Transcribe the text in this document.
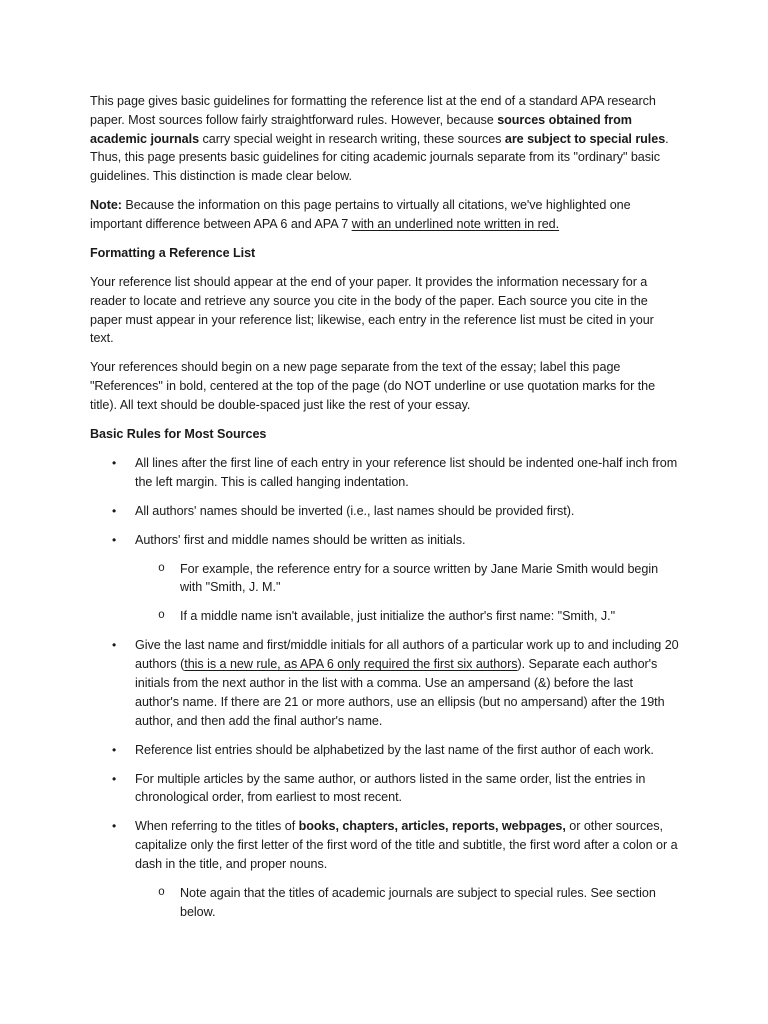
This page gives basic guidelines for formatting the reference list at the end of a standard APA research paper. Most sources follow fairly straightforward rules. However, because sources obtained from academic journals carry special weight in research writing, these sources are subject to special rules. Thus, this page presents basic guidelines for citing academic journals separate from its "ordinary" basic guidelines. This distinction is made clear below.

Note: Because the information on this page pertains to virtually all citations, we've highlighted one important difference between APA 6 and APA 7 with an underlined note written in red.

Formatting a Reference List

Your reference list should appear at the end of your paper. It provides the information necessary for a reader to locate and retrieve any source you cite in the body of the paper. Each source you cite in the paper must appear in your reference list; likewise, each entry in the reference list must be cited in your text.

Your references should begin on a new page separate from the text of the essay; label this page "References" in bold, centered at the top of the page (do NOT underline or use quotation marks for the title). All text should be double-spaced just like the rest of your essay.

Basic Rules for Most Sources

• All lines after the first line of each entry in your reference list should be indented one-half inch from the left margin. This is called hanging indentation.
• All authors' names should be inverted (i.e., last names should be provided first).
• Authors' first and middle names should be written as initials.
o For example, the reference entry for a source written by Jane Marie Smith would begin with "Smith, J. M."
o If a middle name isn't available, just initialize the author's first name: "Smith, J."
• Give the last name and first/middle initials for all authors of a particular work up to and including 20 authors (this is a new rule, as APA 6 only required the first six authors). Separate each author's initials from the next author in the list with a comma. Use an ampersand (&) before the last author's name. If there are 21 or more authors, use an ellipsis (but no ampersand) after the 19th author, and then add the final author's name.
• Reference list entries should be alphabetized by the last name of the first author of each work.
• For multiple articles by the same author, or authors listed in the same order, list the entries in chronological order, from earliest to most recent.
• When referring to the titles of books, chapters, articles, reports, webpages, or other sources, capitalize only the first letter of the first word of the title and subtitle, the first word after a colon or a dash in the title, and proper nouns.
o Note again that the titles of academic journals are subject to special rules. See section below.
